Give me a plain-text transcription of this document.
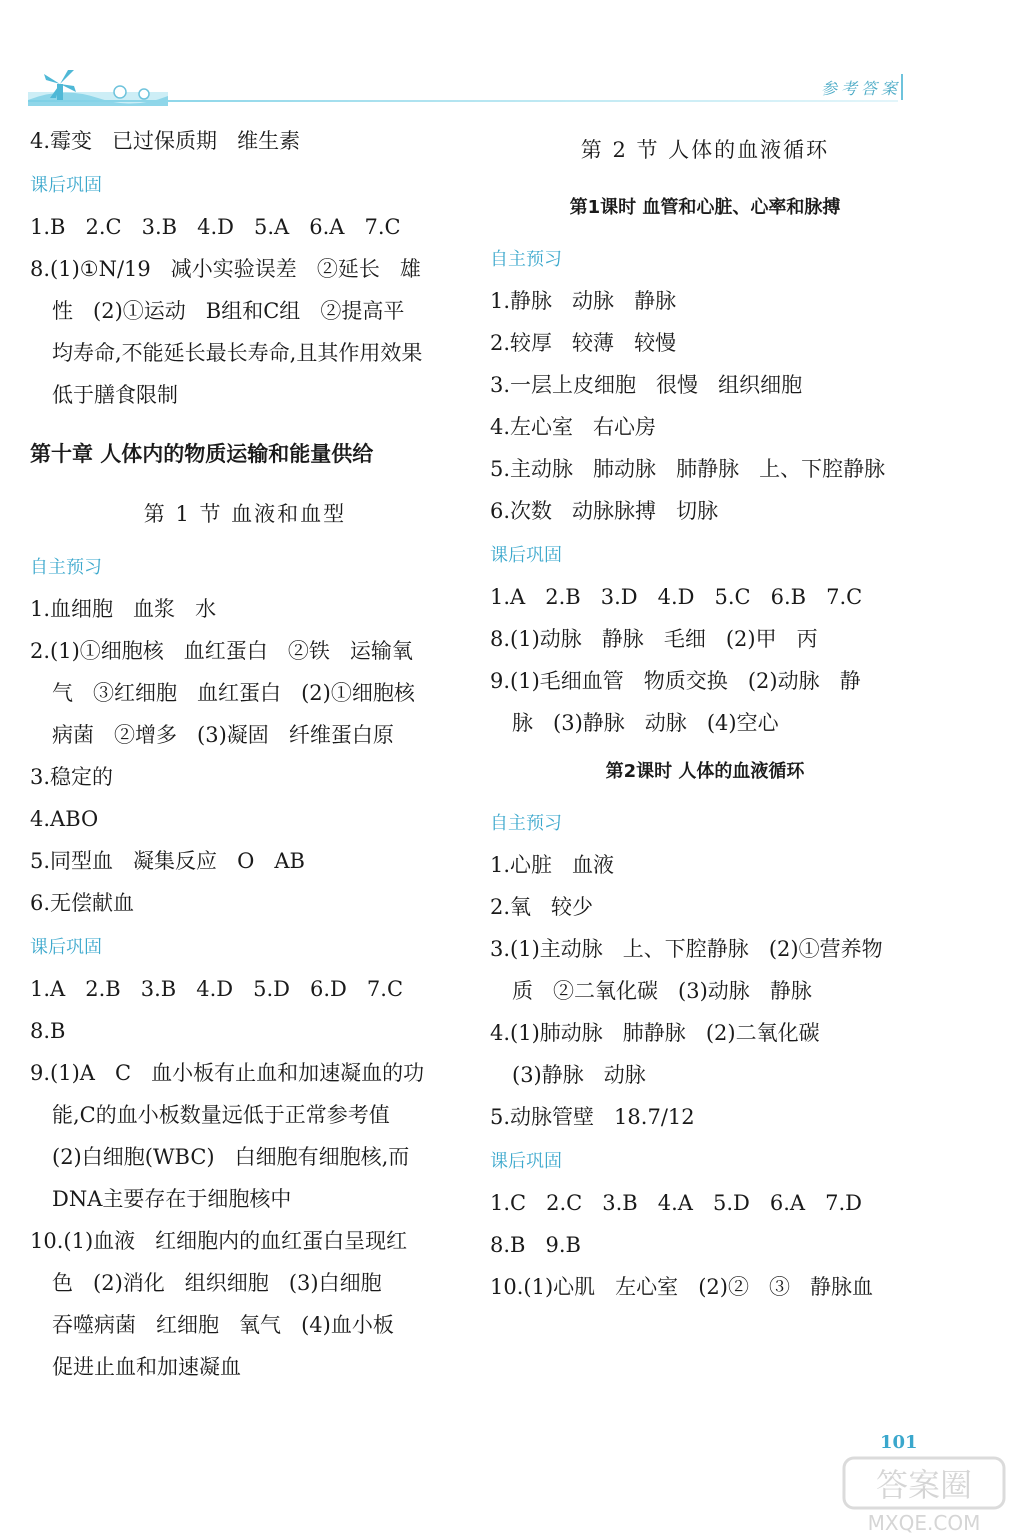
参考答案
4.霉变   已过保质期   维生素
课后巩固
1.B   2.C   3.B   4.D   5.A   6.A   7.C
8.(1)①N/19   减小实验误差   ②延长   雄
性   (2)①运动   B组和C组   ②提高平
均寿命,不能延长最长寿命,且其作用效果
低于膳食限制
第十章 人体内的物质运输和能量供给
第 1 节 血液和血型
自主预习
1.血细胞   血浆   水
2.(1)①细胞核   血红蛋白   ②铁   运输氧
气   ③红细胞   血红蛋白   (2)①细胞核
病菌   ②增多   (3)凝固   纤维蛋白原
3.稳定的
4.ABO
5.同型血   凝集反应   O   AB
6.无偿献血
课后巩固
1.A   2.B   3.B   4.D   5.D   6.D   7.C
8.B
9.(1)A   C   血小板有止血和加速凝血的功
能,C的血小板数量远低于正常参考值
(2)白细胞(WBC)   白细胞有细胞核,而
DNA主要存在于细胞核中
10.(1)血液   红细胞内的血红蛋白呈现红
色   (2)消化   组织细胞   (3)白细胞
吞噬病菌   红细胞   氧气   (4)血小板
促进止血和加速凝血
第 2 节 人体的血液循环
第1课时 血管和心脏、心率和脉搏
自主预习
1.静脉   动脉   静脉
2.较厚   较薄   较慢
3.一层上皮细胞   很慢   组织细胞
4.左心室   右心房
5.主动脉   肺动脉   肺静脉   上、下腔静脉
6.次数   动脉脉搏   切脉
课后巩固
1.A   2.B   3.D   4.D   5.C   6.B   7.C
8.(1)动脉   静脉   毛细   (2)甲   丙
9.(1)毛细血管   物质交换   (2)动脉   静
脉   (3)静脉   动脉   (4)空心
第2课时 人体的血液循环
自主预习
1.心脏   血液
2.氧   较少
3.(1)主动脉   上、下腔静脉   (2)①营养物
质   ②二氧化碳   (3)动脉   静脉
4.(1)肺动脉   肺静脉   (2)二氧化碳
(3)静脉   动脉
5.动脉管壁   18.7/12
课后巩固
1.C   2.C   3.B   4.A   5.D   6.A   7.D
8.B   9.B
10.(1)心肌   左心室   (2)②   ③   静脉血
101
答案圈
MXQE.COM
